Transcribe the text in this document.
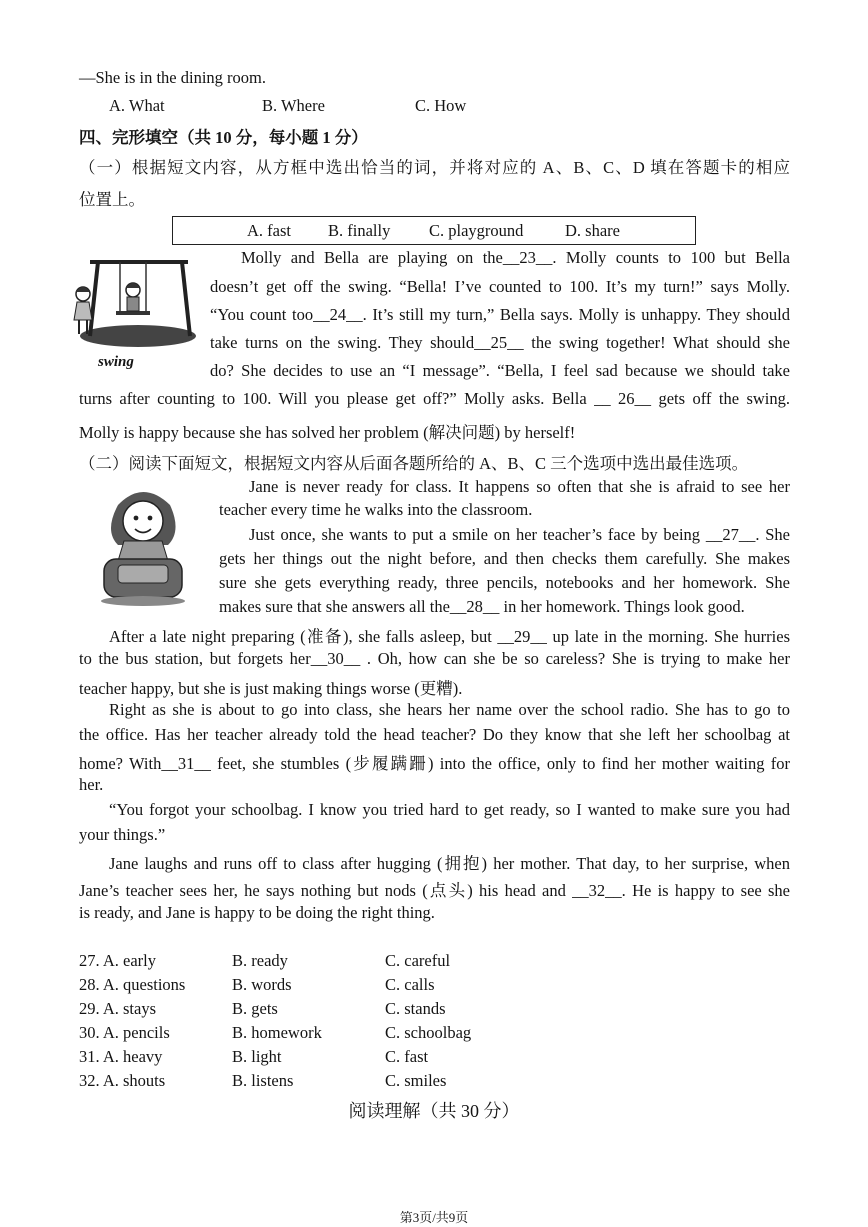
—She is in the dining room.
A. What	B. Where	C. How
四、完形填空（共 10 分，每小题 1 分）
（一）根据短文内容，从方框中选出恰当的词，并将对应的 A、B、C、D 填在答题卡的相应
位置上。
A. fast B. finally C. playground	D. share
swing
Molly and Bella are playing on the__23__. Molly counts to 100 but Bella
doesn’t get off the swing. “Bella! I’ve counted to 100. It’s my turn!” says Molly.
“You count too__24__. It’s still my turn,” Bella says. Molly is unhappy. They should
take turns on the swing. They should__25__ the swing together! What should she
do? She decides to use an “I message”. “Bella, I feel sad because we should take
turns after counting to 100. Will you please get off?” Molly asks. Bella __ 26__ gets off the swing.
Molly is happy because she has solved her problem (解决问题) by herself!
（二）阅读下面短文，根据短文内容从后面各题所给的 A、B、C 三个选项中选出最佳选项。
Jane is never ready for class. It happens so often that she is afraid to see her
teacher every time he walks into the classroom.
Just once, she wants to put a smile on her teacher’s face by being __27__. She
gets her things out the night before, and then checks them carefully. She makes
sure she gets everything ready, three pencils, notebooks and her homework. She
makes sure that she answers all the__28__ in her homework. Things look good.
After a late night preparing (准备), she falls asleep, but __29__ up late in the morning. She hurries
to the bus station, but forgets her__30__ . Oh, how can she be so careless? She is trying to make her
teacher happy, but she is just making things worse (更糟).
Right as she is about to go into class, she hears her name over the school radio. She has to go to
the office. Has her teacher already told the head teacher? Do they know that she left her schoolbag at
home? With__31__ feet, she stumbles (步履蹒跚) into the office, only to find her mother waiting for
her.
“You forgot your schoolbag. I know you tried hard to get ready, so I wanted to make sure you had
your things.”
Jane laughs and runs off to class after hugging (拥抱) her mother. That day, to her surprise, when
Jane’s teacher sees her, he says nothing but nods (点头) his head and __32__. He is happy to see she
is ready, and Jane is happy to be doing the right thing.
27. A. early	B. ready	C. careful
28. A. questions	B. words	C. calls
29. A. stays	B. gets	C. stands
30. A. pencils	B. homework	C. schoolbag
31. A. heavy	B. light	C. fast
32. A. shouts	B. listens	C. smiles
阅读理解（共 30 分）
第3页/共9页
